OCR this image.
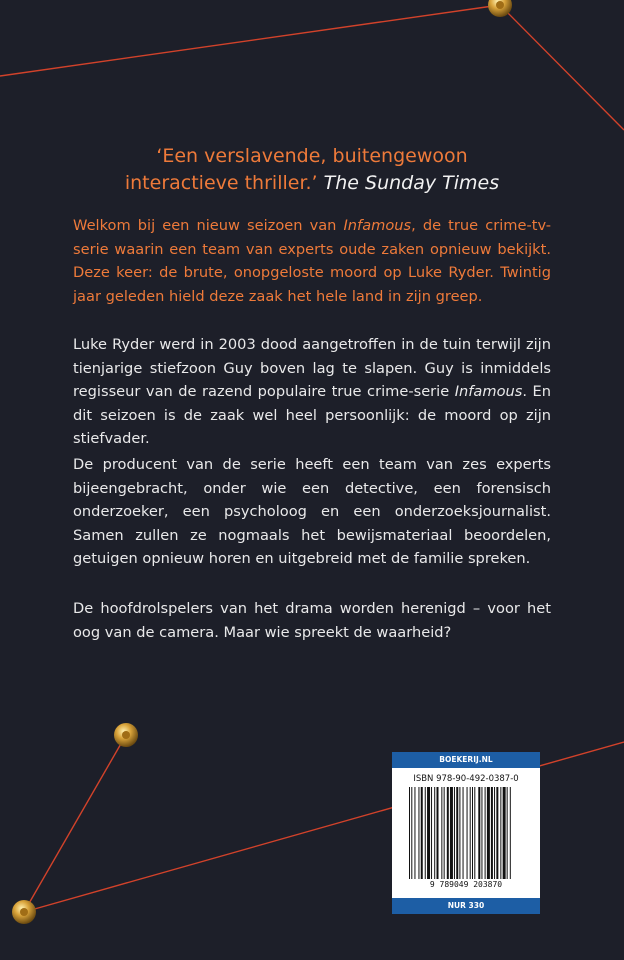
‘Een verslavende, buitengewoon
interactieve thriller.’ The Sunday Times

Welkom bij een nieuw seizoen van Infamous, de true crime-tv-serie waarin een team van experts oude zaken opnieuw bekijkt. Deze keer: de brute, onopgeloste moord op Luke Ryder. Twintig jaar geleden hield deze zaak het hele land in zijn greep.

Luke Ryder werd in 2003 dood aangetroffen in de tuin terwijl zijn tienjarige stiefzoon Guy boven lag te slapen. Guy is inmiddels regisseur van de razend populaire true crime-serie Infamous. En dit seizoen is de zaak wel heel persoonlijk: de moord op zijn stiefvader.

De producent van de serie heeft een team van zes experts bijeengebracht, onder wie een detective, een forensisch onderzoeker, een psycholoog en een onderzoeksjournalist. Samen zullen ze nogmaals het bewijsmateriaal beoordelen, getuigen opnieuw horen en uitgebreid met de familie spreken.

De hoofdrolspelers van het drama worden herenigd – voor het oog van de camera. Maar wie spreekt de waarheid?

BOEKERIJ.NL
ISBN 978-90-492-0387-0
9 789049 203870
NUR 330
